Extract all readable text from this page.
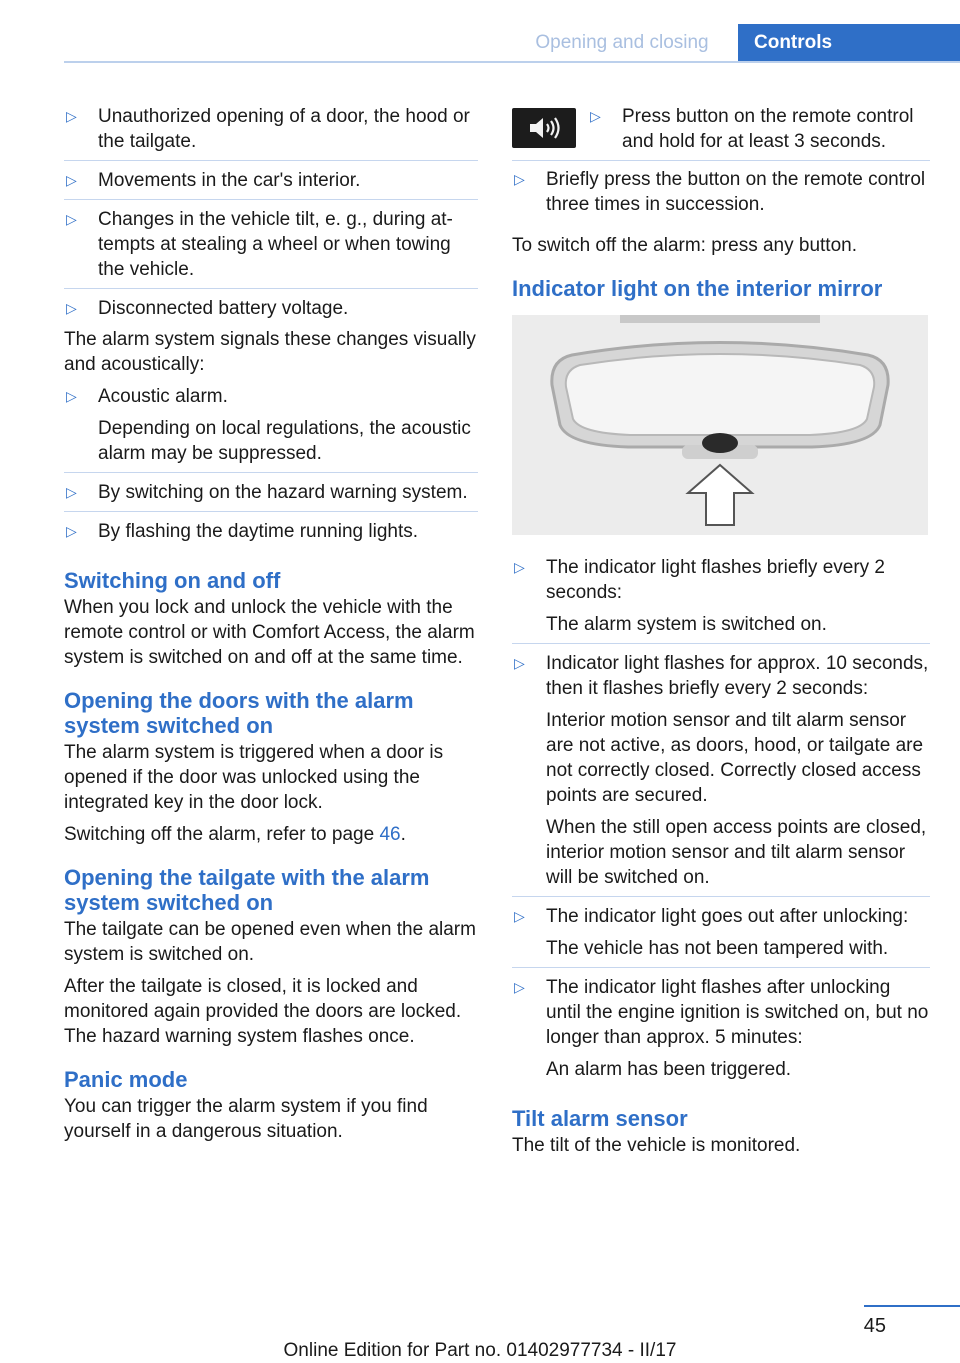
Opening and closing	Controls
▷ Unauthorized opening of a door, the hood or the tailgate.
▷ Movements in the car's interior.
▷ Changes in the vehicle tilt, e. g., during attempts at stealing a wheel or when towing the vehicle.
▷ Disconnected battery voltage.

The alarm system signals these changes visually and acoustically:

▷ Acoustic alarm.

Depending on local regulations, the acoustic alarm may be suppressed.

▷ By switching on the hazard warning system.
▷ By flashing the daytime running lights.
Switching on and off

When you lock and unlock the vehicle with the remote control or with Comfort Access, the alarm system is switched on and off at the same time.

Opening the doors with the alarm system switched on

The alarm system is triggered when a door is opened if the door was unlocked using the integrated key in the door lock.

Switching off the alarm, refer to page 46.

Opening the tailgate with the alarm system switched on

The tailgate can be opened even when the alarm system is switched on.

After the tailgate is closed, it is locked and monitored again provided the doors are locked. The hazard warning system flashes once.

Panic mode

You can trigger the alarm system if you find yourself in a dangerous situation.

▷ Press button on the remote control and hold for at least 3 seconds.
▷ Briefly press the button on the remote control three times in succession.

To switch off the alarm: press any button.

Indicator light on the interior mirror
▷ The indicator light flashes briefly every 2 seconds:

The alarm system is switched on.

▷ Indicator light flashes for approx. 10 seconds, then it flashes briefly every 2 seconds:

Interior motion sensor and tilt alarm sensor are not active, as doors, hood, or tailgate are not correctly closed. Correctly closed access points are secured.

When the still open access points are closed, interior motion sensor and tilt alarm sensor will be switched on.

▷ The indicator light goes out after unlocking:

The vehicle has not been tampered with.

▷ The indicator light flashes after unlocking until the engine ignition is switched on, but no longer than approx. 5 minutes:

An alarm has been triggered.

Tilt alarm sensor

The tilt of the vehicle is monitored.

45
Online Edition for Part no. 01402977734 - II/17
